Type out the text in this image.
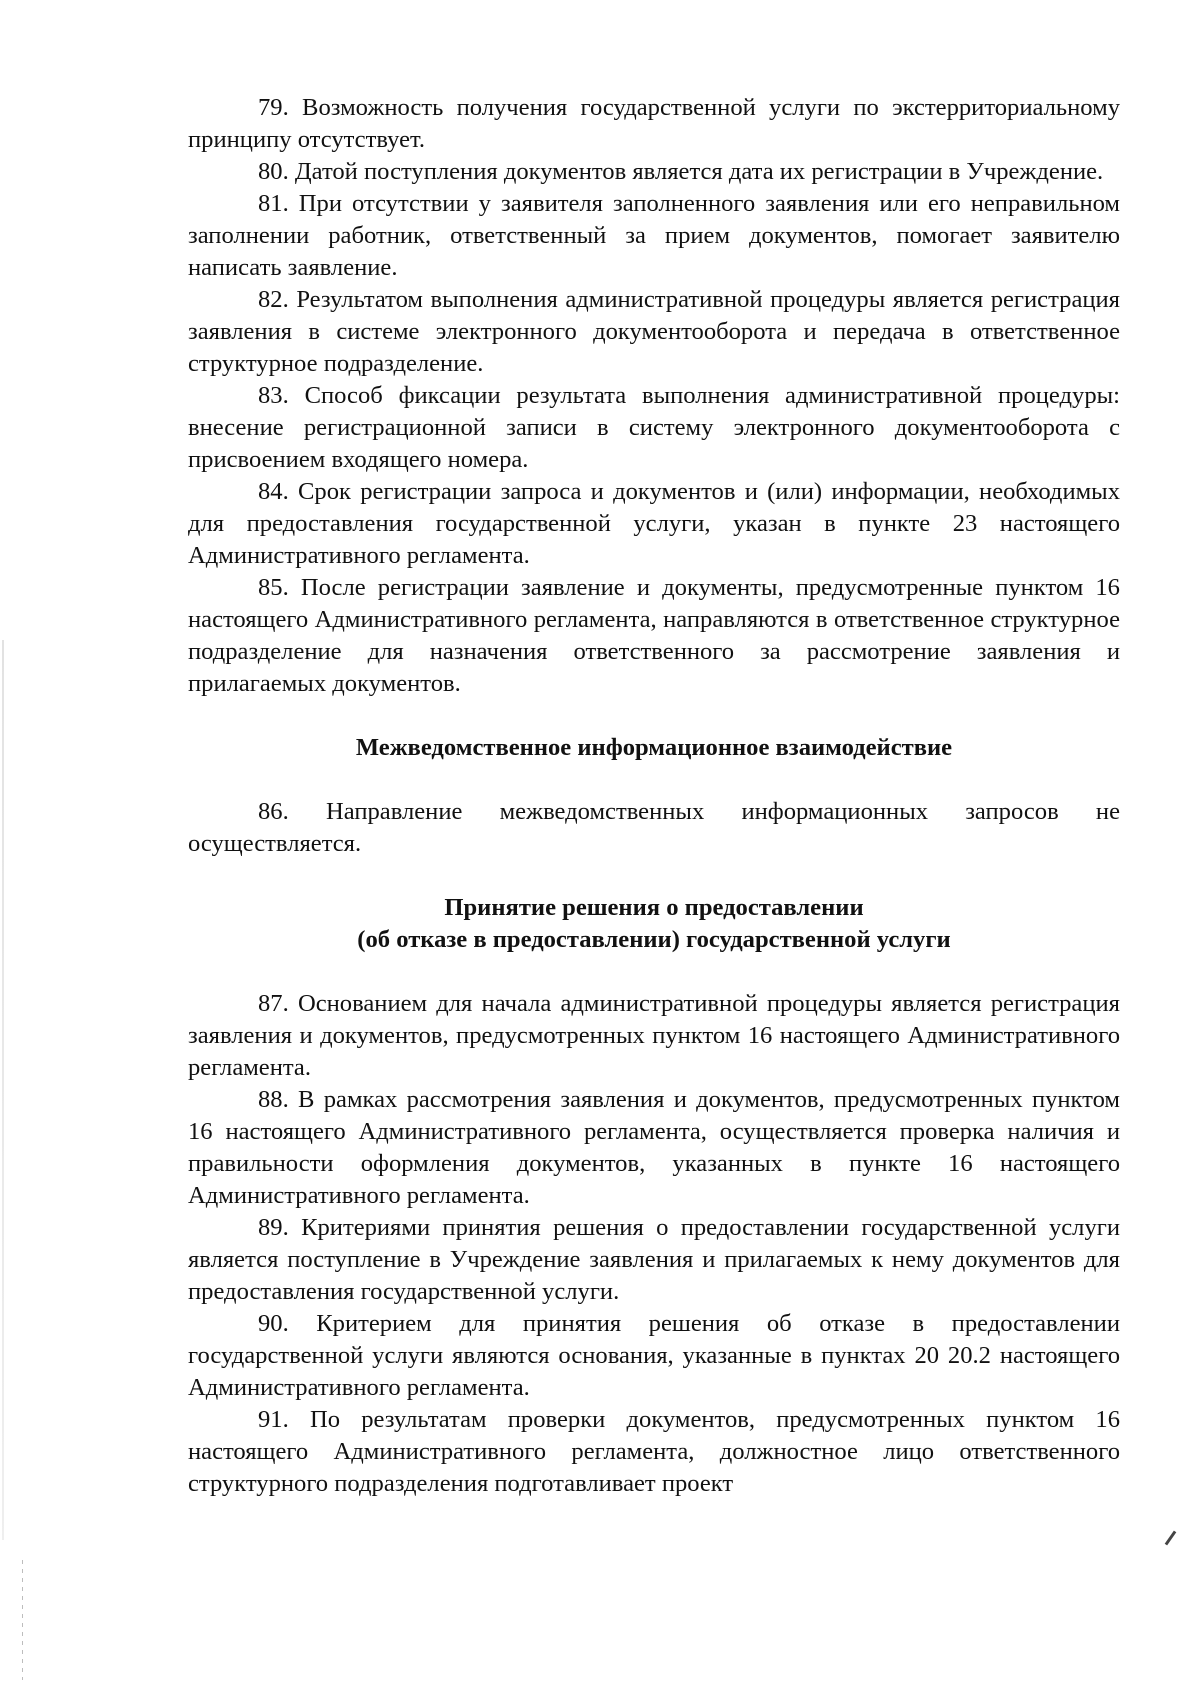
79. Возможность получения государственной услуги по экстерриториальному принципу отсутствует.

80. Датой поступления документов является дата их регистрации в Учреждение.

81. При отсутствии у заявителя заполненного заявления или его неправильном заполнении работник, ответственный за прием документов, помогает заявителю написать заявление.

82. Результатом выполнения административной процедуры является регистрация заявления в системе электронного документооборота и передача в ответственное структурное подразделение.

83. Способ фиксации результата выполнения административной процедуры: внесение регистрационной записи в систему электронного документооборота с присвоением входящего номера.

84. Срок регистрации запроса и документов и (или) информации, необходимых для предоставления государственной услуги, указан в пункте 23 настоящего Административного регламента.

85. После регистрации заявление и документы, предусмотренные пунктом 16 настоящего Административного регламента, направляются в ответственное структурное подразделение для назначения ответственного за рассмотрение заявления и прилагаемых документов.

Межведомственное информационное взаимодействие

86. Направление межведомственных информационных запросов не осуществляется.

Принятие решения о предоставлении
(об отказе в предоставлении) государственной услуги

87. Основанием для начала административной процедуры является регистрация заявления и документов, предусмотренных пунктом 16 настоящего Административного регламента.

88. В рамках рассмотрения заявления и документов, предусмотренных пунктом 16 настоящего Административного регламента, осуществляется проверка наличия и правильности оформления документов, указанных в пункте 16 настоящего Административного регламента.

89. Критериями принятия решения о предоставлении государственной услуги является поступление в Учреждение заявления и прилагаемых к нему документов для предоставления государственной услуги.

90. Критерием для принятия решения об отказе в предоставлении государственной услуги являются основания, указанные в пунктах 20 20.2 настоящего Административного регламента.

91. По результатам проверки документов, предусмотренных пунктом 16 настоящего Административного регламента, должностное лицо ответственного структурного подразделения подготавливает проект
